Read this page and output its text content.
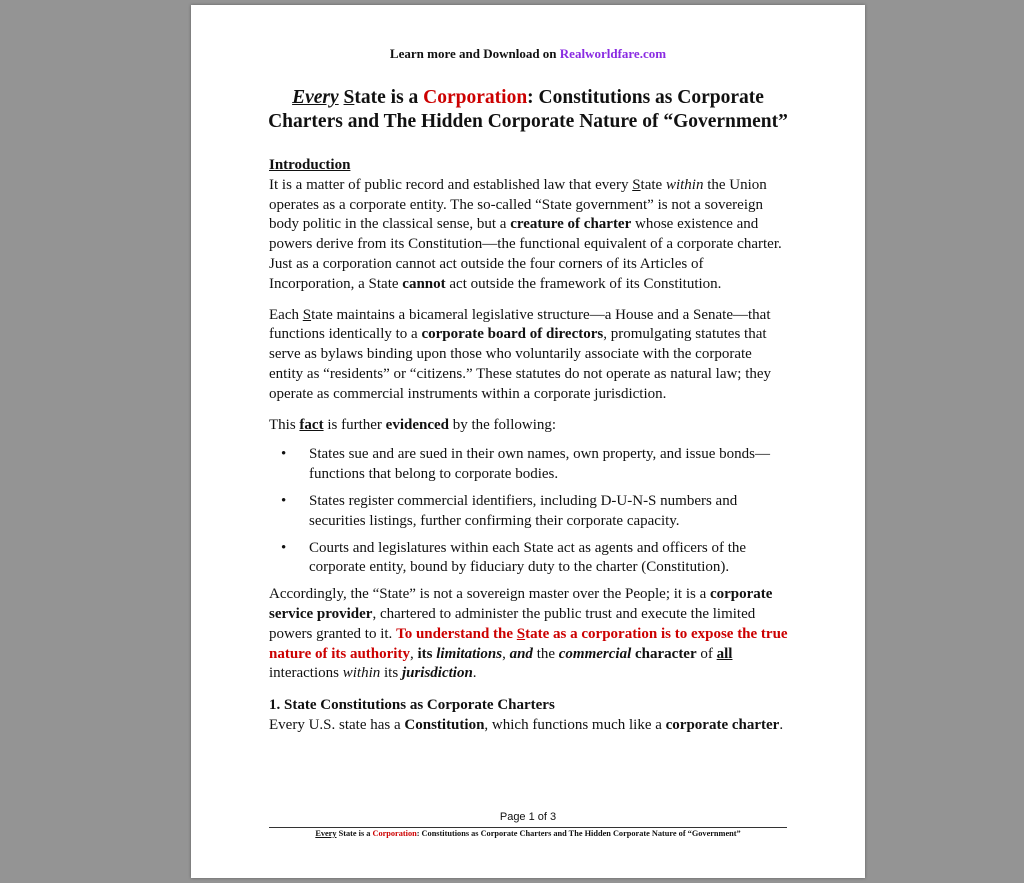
Learn more and Download on Realworldfare.com
Every State is a Corporation: Constitutions as Corporate
Charters and The Hidden Corporate Nature of “Government”

Introduction

It is a matter of public record and established law that every State within the Union operates as a corporate entity. The so-called “State government” is not a sovereign body politic in the classical sense, but a creature of charter whose existence and powers derive from its Constitution—the functional equivalent of a corporate charter. Just as a corporation cannot act outside the four corners of its Articles of Incorporation, a State cannot act outside the framework of its Constitution.

Each State maintains a bicameral legislative structure—a House and a Senate—that functions identically to a corporate board of directors, promulgating statutes that serve as bylaws binding upon those who voluntarily associate with the corporate entity as “residents” or “citizens.” These statutes do not operate as natural law; they operate as commercial instruments within a corporate jurisdiction.

This fact is further evidenced by the following:

• States sue and are sued in their own names, own property, and issue bonds—functions that belong to corporate bodies.
• States register commercial identifiers, including D-U-N-S numbers and securities listings, further confirming their corporate capacity.
• Courts and legislatures within each State act as agents and officers of the corporate entity, bound by fiduciary duty to the charter (Constitution).

Accordingly, the “State” is not a sovereign master over the People; it is a corporate service provider, chartered to administer the public trust and execute the limited powers granted to it. To understand the State as a corporation is to expose the true nature of its authority, its limitations, and the commercial character of all interactions within its jurisdiction.

1. State Constitutions as Corporate Charters

Every U.S. state has a Constitution, which functions much like a corporate charter.

Page 1 of 3
Every State is a Corporation: Constitutions as Corporate Charters and The Hidden Corporate Nature of “Government”
